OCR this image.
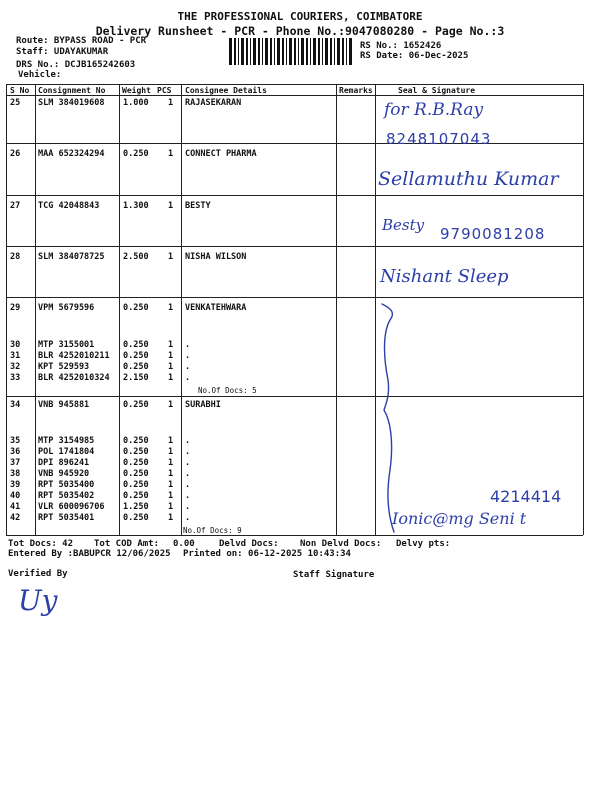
THE PROFESSIONAL COURIERS, COIMBATORE
Delivery Runsheet - PCR - Phone No.:9047080280 - Page No.:3
Route: BYPASS ROAD - PCR
Staff: UDAYAKUMAR
DRS No.: DCJB165242603
Vehicle:
RS No.: 1652426
RS Date: 06-Dec-2025
S No Consignment No Weight PCS Consignee Details	Remarks	Seal & Signature
25 SLM 384019608 1.000 1 RAJASEKARAN
26 MAA 652324294 0.250 1 CONNECT PHARMA
27 TCG 42048843	1.300 1 BESTY
28 SLM 384078725 2.500 1 NISHA WILSON
29 VPM 5679596	0.250 1 VENKATEHWARA
30 MTP 3155001	0.250 1 .
31 BLR 4252010211 0.250 1 .
32 KPT 529593	0.250 1 .
33 BLR 4252010324 2.150 1 .
34 VNB 945881	0.250 1 SURABHI
35 MTP 3154985	0.250 1 .
36 POL 1741804	0.250 1 .
37 DPI 896241	0.250 1 .
38 VNB 945920	0.250 1 .
39 RPT 5035400	0.250 1 .
40 RPT 5035402	0.250 1 .
41 VLR 600096706 1.250 1 .
42 RPT 5035401	0.250 1 .
No.Of Docs: 5
No.Of Docs: 9
for R.B.Ray
8248107043
Sellamuthu Kumar
Besty 9790081208
Nishant Sleep
4214414
Ionic@mg Seni t
Tot Docs: 42 Tot COD Amt: 0.00	Delvd Docs: Non Delvd Docs: Delvy pts:
Entered By :BABUPCR 12/06/2025 Printed on: 06-12-2025 10:43:34
Verified By	Staff Signature
Uy
